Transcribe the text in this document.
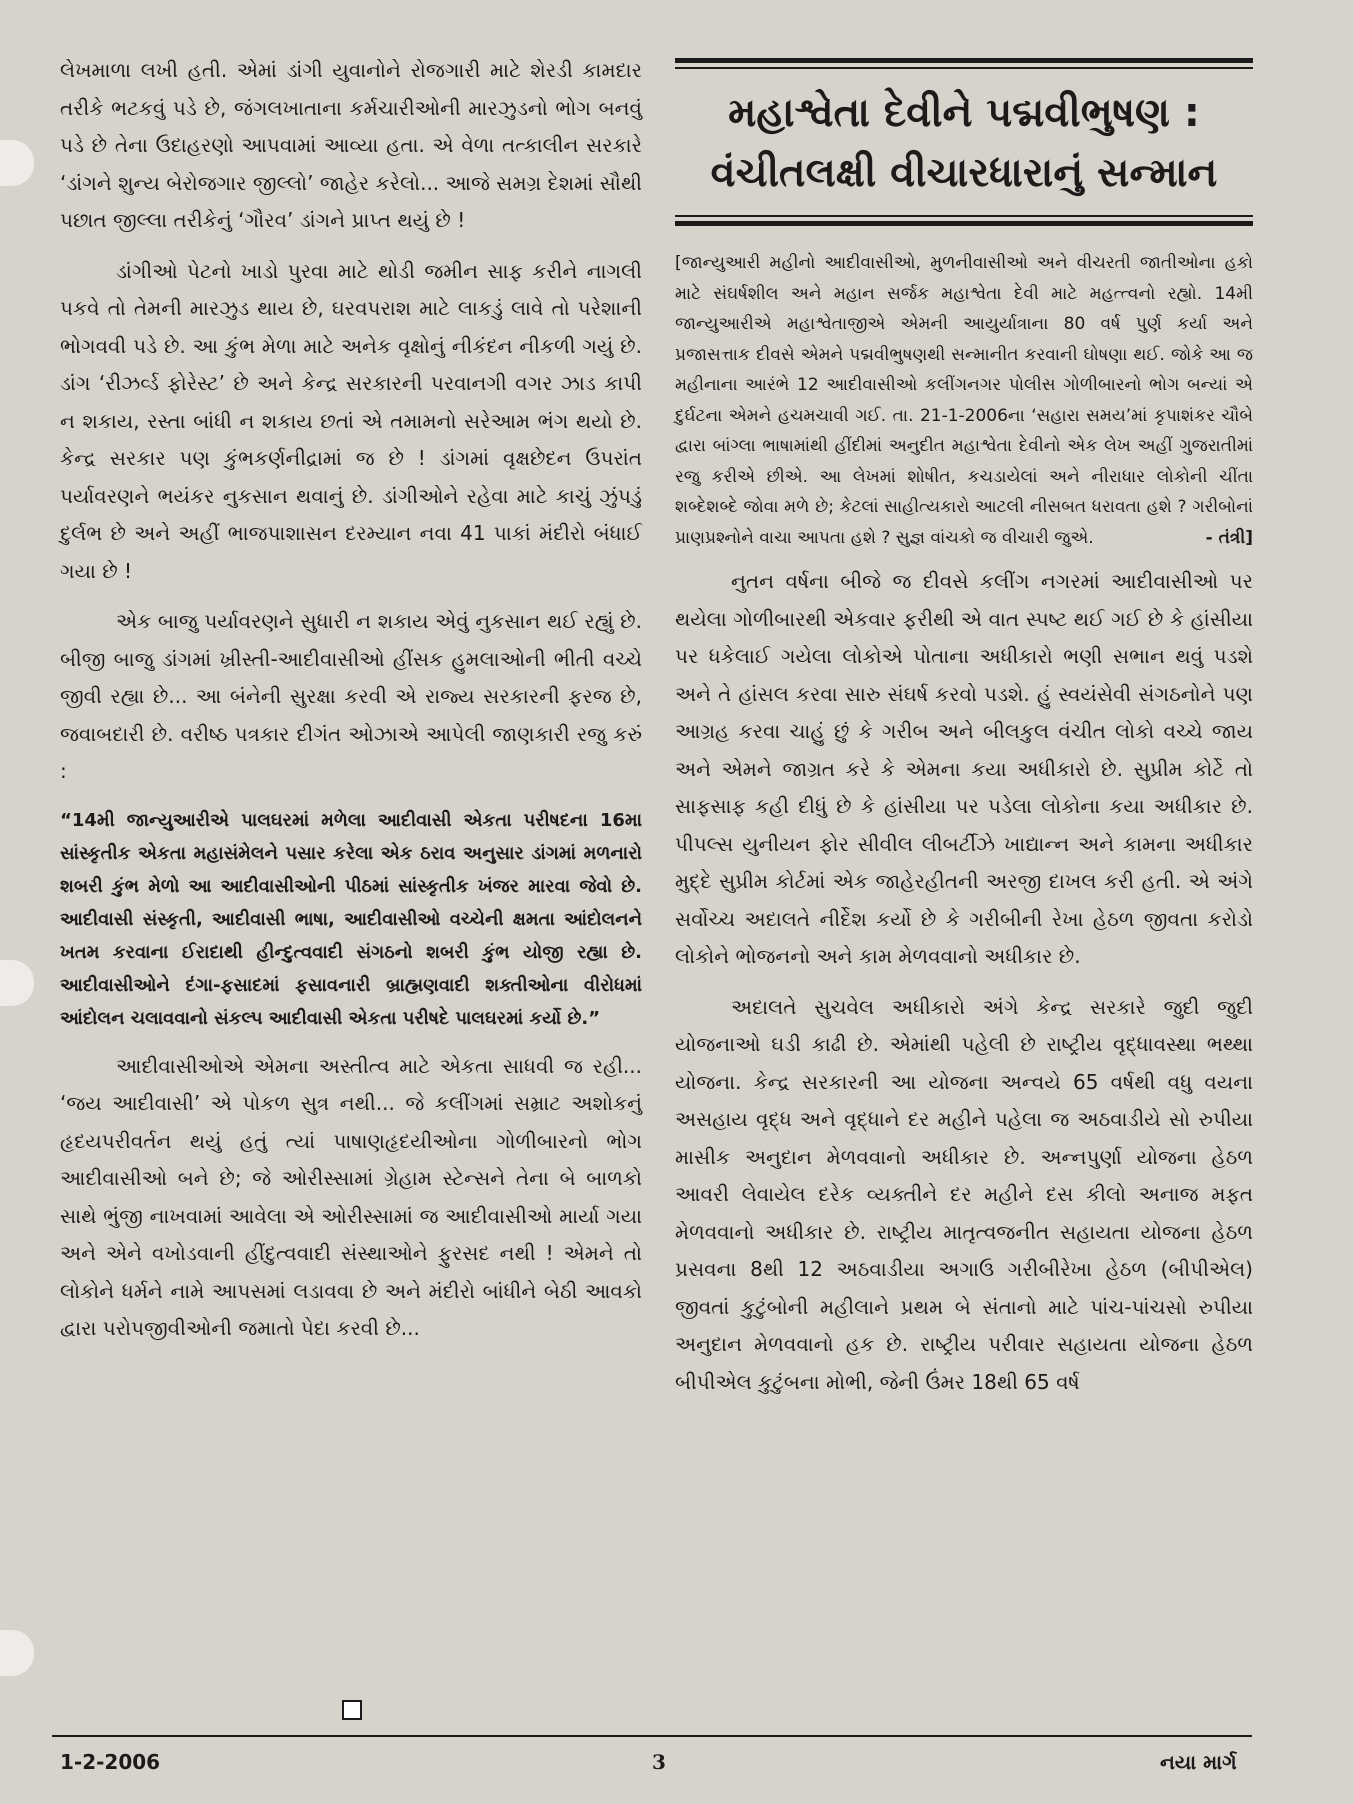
લેખમાળા લખી હતી. એમાં ડાંગી યુવાનોને રોજગારી માટે શેરડી કામદાર તરીકે ભટકવું પડે છે, જંગલખાતાના કર્મચારીઓની મારઝુડનો ભોગ બનવું પડે છે તેના ઉદાહરણો આપવામાં આવ્યા હતા. એ વેળા તત્કાલીન સરકારે ‘ડાંગને શુન્ય બેરોજગાર જીલ્લો’ જાહેર કરેલો... આજે સમગ્ર દેશમાં સૌથી પછાત જીલ્લા તરીકેનું ‘ગૌરવ’ ડાંગને પ્રાપ્ત થયું છે !

ડાંગીઓ પેટનો ખાડો પુરવા માટે થોડી જમીન સાફ કરીને નાગલી પકવે તો તેમની મારઝુડ થાય છે, ઘરવપરાશ માટે લાકડું લાવે તો પરેશાની ભોગવવી પડે છે. આ કુંભ મેળા માટે અનેક વૃક્ષોનું નીકંદન નીકળી ગયું છે. ડાંગ ‘રીઝર્વ્ડ ફોરેસ્ટ’ છે અને કેન્દ્ર સરકારની પરવાનગી વગર ઝાડ કાપી ન શકાય, રસ્તા બાંધી ન શકાય છતાં એ તમામનો સરેઆમ ભંગ થયો છે. કેન્દ્ર સરકાર પણ કુંભકર્ણનીદ્રામાં જ છે ! ડાંગમાં વૃક્ષછેદન ઉપરાંત પર્યાવરણને ભયંકર નુકસાન થવાનું છે. ડાંગીઓને રહેવા માટે કાચું ઝુંપડું દુર્લભ છે અને અહીં ભાજપાશાસન દરમ્યાન નવા 41 પાકાં મંદીરો બંધાઈ ગયા છે !

એક બાજુ પર્યાવરણને સુધારી ન શકાય એવું નુકસાન થઈ રહ્યું છે. બીજી બાજુ ડાંગમાં ખ્રીસ્તી-આદીવાસીઓ હીંસક હુમલાઓની ભીતી વચ્ચે જીવી રહ્યા છે... આ બંનેની સુરક્ષા કરવી એ રાજ્ય સરકારની ફરજ છે, જવાબદારી છે. વરીષ્ઠ પત્રકાર દીગંત ઓઝાએ આપેલી જાણકારી રજુ કરું :

“14મી જાન્યુઆરીએ પાલઘરમાં મળેલા આદીવાસી એકતા પરીષદના 16મા સાંસ્કૃતીક એકતા મહાસંમેલને પસાર કરેલા એક ઠરાવ અનુસાર ડાંગમાં મળનારો શબરી કુંભ મેળો આ આદીવાસીઓની પીઠમાં સાંસ્કૃતીક ખંજર મારવા જેવો છે. આદીવાસી સંસ્કૃતી, આદીવાસી ભાષા, આદીવાસીઓ વચ્ચેની ક્ષમતા આંદોલનને ખતમ કરવાના ઈરાદાથી હીન્દુત્વવાદી સંગઠનો શબરી કુંભ યોજી રહ્યા છે. આદીવાસીઓને દંગા-ફસાદમાં ફસાવનારી બ્રાહ્મણવાદી શક્તીઓના વીરોધમાં આંદોલન ચલાવવાનો સંકલ્પ આદીવાસી એકતા પરીષદે પાલઘરમાં કર્યો છે.”

આદીવાસીઓએ એમના અસ્તીત્વ માટે એકતા સાધવી જ રહી... ‘જય આદીવાસી’ એ પોકળ સુત્ર નથી... જે કલીંગમાં સમ્રાટ અશોકનું હૃદયપરીવર્તન થયું હતું ત્યાં પાષાણહૃદયીઓના ગોળીબારનો ભોગ આદીવાસીઓ બને છે; જે ઓરીસ્સામાં ગ્રેહામ સ્ટેન્સને તેના બે બાળકો સાથે ભુંજી નાખવામાં આવેલા એ ઓરીસ્સામાં જ આદીવાસીઓ માર્યા ગયા અને એને વખોડવાની હીંદુત્વવાદી સંસ્થાઓને ફુરસદ નથી ! એમને તો લોકોને ધર્મને નામે આપસમાં લડાવવા છે અને મંદીરો બાંધીને બેઠી આવકો દ્વારા પરોપજીવીઓની જમાતો પેદા કરવી છે...

મહાશ્વેતા દેવીને પદ્મવીભુષણ :
વંચીતલક્ષી વીચારધારાનું સન્માન
[જાન્યુઆરી મહીનો આદીવાસીઓ, મુળનીવાસીઓ અને વીચરતી જાતીઓના હકો માટે સંઘર્ષશીલ અને મહાન સર્જક મહાશ્વેતા દેવી માટે મહત્ત્વનો રહ્યો. 14મી જાન્યુઆરીએ મહાશ્વેતાજીએ એમની આયુર્યાત્રાના 80 વર્ષ પુર્ણ કર્યા અને પ્રજાસત્તાક દીવસે એમને પદ્મવીભુષણથી સન્માનીત કરવાની ઘોષણા થઈ. જોકે આ જ મહીનાના આરંભે 12 આદીવાસીઓ કલીંગનગર પોલીસ ગોળીબારનો ભોગ બન્યાં એ દુર્ઘટના એમને હચમચાવી ગઈ. તા. 21-1-2006ના ‘સહારા સમય’માં કૃપાશંકર ચૌબે દ્વારા બાંગ્લા ભાષામાંથી હીંદીમાં અનુદીત મહાશ્વેતા દેવીનો એક લેખ અહીં ગુજરાતીમાં રજુ કરીએ છીએ. આ લેખમાં શોષીત, કચડાયેલાં અને નીરાધાર લોકોની ચીંતા શબ્દેશબ્દે જોવા મળે છે; કેટલાં સાહીત્યકારો આટલી નીસબત ધરાવતા હશે ? ગરીબોનાં પ્રાણપ્રશ્નોને વાચા આપતા હશે ? સુજ્ઞ વાંચકો જ વીચારી જુએ.	- તંત્રી]

નુતન વર્ષના બીજે જ દીવસે કલીંગ નગરમાં આદીવાસીઓ પર થયેલા ગોળીબારથી એકવાર ફરીથી એ વાત સ્પષ્ટ થઈ ગઈ છે કે હાંસીયા પર ધકેલાઈ ગયેલા લોકોએ પોતાના અધીકારો ભણી સભાન થવું પડશે અને તે હાંસલ કરવા સારુ સંઘર્ષ કરવો પડશે. હું સ્વયંસેવી સંગઠનોને પણ આગ્રહ કરવા ચાહું છું કે ગરીબ અને બીલકુલ વંચીત લોકો વચ્ચે જાય અને એમને જાગ્રત કરે કે એમના કયા અધીકારો છે. સુપ્રીમ કોર્ટે તો સાફસાફ કહી દીધું છે કે હાંસીયા પર પડેલા લોકોના કયા અધીકાર છે. પીપલ્સ યુનીયન ફોર સીવીલ લીબર્ટીઝે ખાદ્યાન્ન અને કામના અધીકાર મુદ્દે સુપ્રીમ કોર્ટમાં એક જાહેરહીતની અરજી દાખલ કરી હતી. એ અંગે સર્વોચ્ચ અદાલતે નીર્દેશ કર્યો છે કે ગરીબીની રેખા હેઠળ જીવતા કરોડો લોકોને ભોજનનો અને કામ મેળવવાનો અધીકાર છે.

અદાલતે સુચવેલ અધીકારો અંગે કેન્દ્ર સરકારે જુદી જુદી યોજનાઓ ઘડી કાઢી છે. એમાંથી પહેલી છે રાષ્ટ્રીય વૃદ્ધાવસ્થા ભથ્થા યોજના. કેન્દ્ર સરકારની આ યોજના અન્વયે 65 વર્ષથી વધુ વયના અસહાય વૃદ્ધ અને વૃદ્ધાને દર મહીને પહેલા જ અઠવાડીયે સો રુપીયા માસીક અનુદાન મેળવવાનો અધીકાર છે. અન્નપુર્ણા યોજના હેઠળ આવરી લેવાયેલ દરેક વ્યક્તીને દર મહીને દસ કીલો અનાજ મફત મેળવવાનો અધીકાર છે. રાષ્ટ્રીય માતૃત્વજનીત સહાયતા યોજના હેઠળ પ્રસવના 8થી 12 અઠવાડીયા અગાઉ ગરીબીરેખા હેઠળ (બીપીએલ) જીવતાં કુટુંબોની મહીલાને પ્રથમ બે સંતાનો માટે પાંચ-પાંચસો રુપીયા અનુદાન મેળવવાનો હક છે. રાષ્ટ્રીય પરીવાર સહાયતા યોજના હેઠળ બીપીએલ કુટુંબના મોભી, જેની ઉંમર 18થી 65 વર્ષ

1-2-2006	3	નયા માર્ગ
